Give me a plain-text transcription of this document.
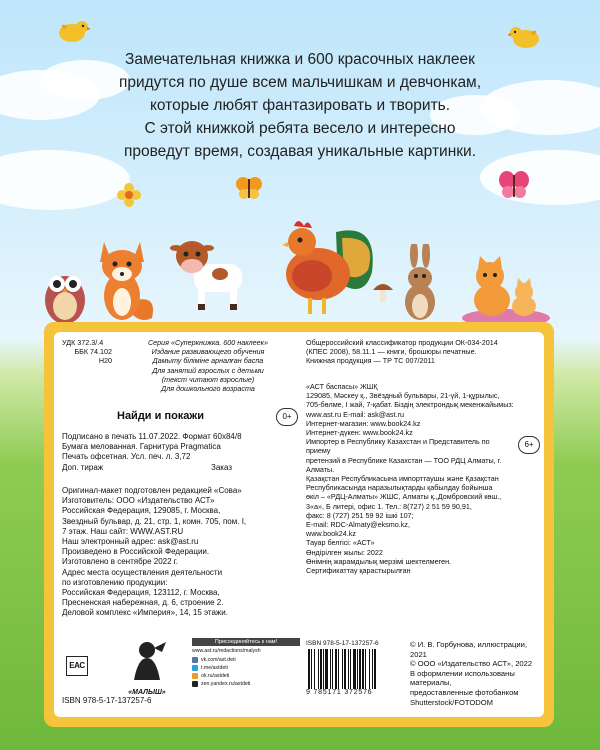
Замечательная книжка и 600 красочных наклеек

придутся по душе всем мальчишкам и девчонкам,

которые любят фантазировать и творить.

С этой книжкой ребята весело и интересно

проведут время, создавая уникальные картинки.

УДК 372.3/.4
ББК 74.102
Н20
Серия «Суперкнижка. 600 наклеек»
Издание развивающего обучения
Дамыту біліміне арналған баспа
Для занятий взрослых с детьми
(текст читают взрослые)
Для дошкольного возраста
Найди и покажи	0+
Подписано в печать 11.07.2022. Формат 60x84/8
Бумага мелованная. Гарнитура Pragmatica
Печать офсетная. Усл. печ. л. 3,72
Доп. тираж	Заказ
Оригинал-макет подготовлен редакцией «Сова»
Изготовитель: ООО «Издательство АСТ»
Российская Федерация, 129085, г. Москва,
Звездный бульвар, д. 21, стр. 1, комн. 705, пом. I,
7 этаж. Наш сайт: WWW.AST.RU
Наш электронный адрес: ask@ast.ru
Произведено в Российской Федерации.
Изготовлено в сентябре 2022 г.
Адрес места осуществления деятельности
по изготовлению продукции:
Российская Федерация, 123112, г. Москва,
Пресненская набережная, д. 6, строение 2.
Деловой комплекс «Империя», 14, 15 этажи.
EAC
«МАЛЫШ»
Присоединяйтесь к нам!
www.ast.ru/redactions/malysh
vk.com/ast.deti
t.me/astdeti
ok.ru/astdeti
zen.yandex.ru/astdeti
ISBN 978-5-17-137257-6
Общероссийский классификатор продукции ОК-034-2014
(КПЕС 2008), 58.11.1 — книги, брошюры печатные.
Книжная продукция — ТР ТС 007/2011
6+
«АСТ баспасы» ЖШҚ
129085, Мәскеу қ., Звёздный бульвары, 21-үй, 1-құрылыс,
705-бөлме, I жай, 7-қабат. Біздің электрондық мекенжайымыз:
www.ast.ru E-mail: ask@ast.ru
Интернет-магазин: www.book24.kz
Интернет-дүкен: www.book24.kz
Импортер в Республику Казахстан и Представитель по приему
претензий в Республике Казахстан — ТОО РДЦ Алматы, г. Алматы.
Қазақстан Республикасына импорттаушы және Қазақстан
Республикасында наразылықтарды қабылдау бойынша
өкіл – «РДЦ-Алматы» ЖШС, Алматы қ.,Домбровский көш.,
3«а», Б литері, офис 1. Тел.: 8(727) 2 51 59 90,91,
факс: 8 (727) 251 59 92 ішкі 107;
E-mail: RDC-Almaty@eksmo.kz,
www.book24.kz
Тауар белгісі: «АСТ»
Өндірілген жылы: 2022
Өнімнің жарамдылық мерзімі шектелмеген.
Сертификаттау қарастырылған
ISBN 978-5-17-137257-6
9 785171 372576
© И. В. Горбунова, иллюстрации, 2021
© ООО «Издательство АСТ», 2022
В оформлении использованы материалы,
предоставленные фотобанком
Shutterstock/FOTODOM
